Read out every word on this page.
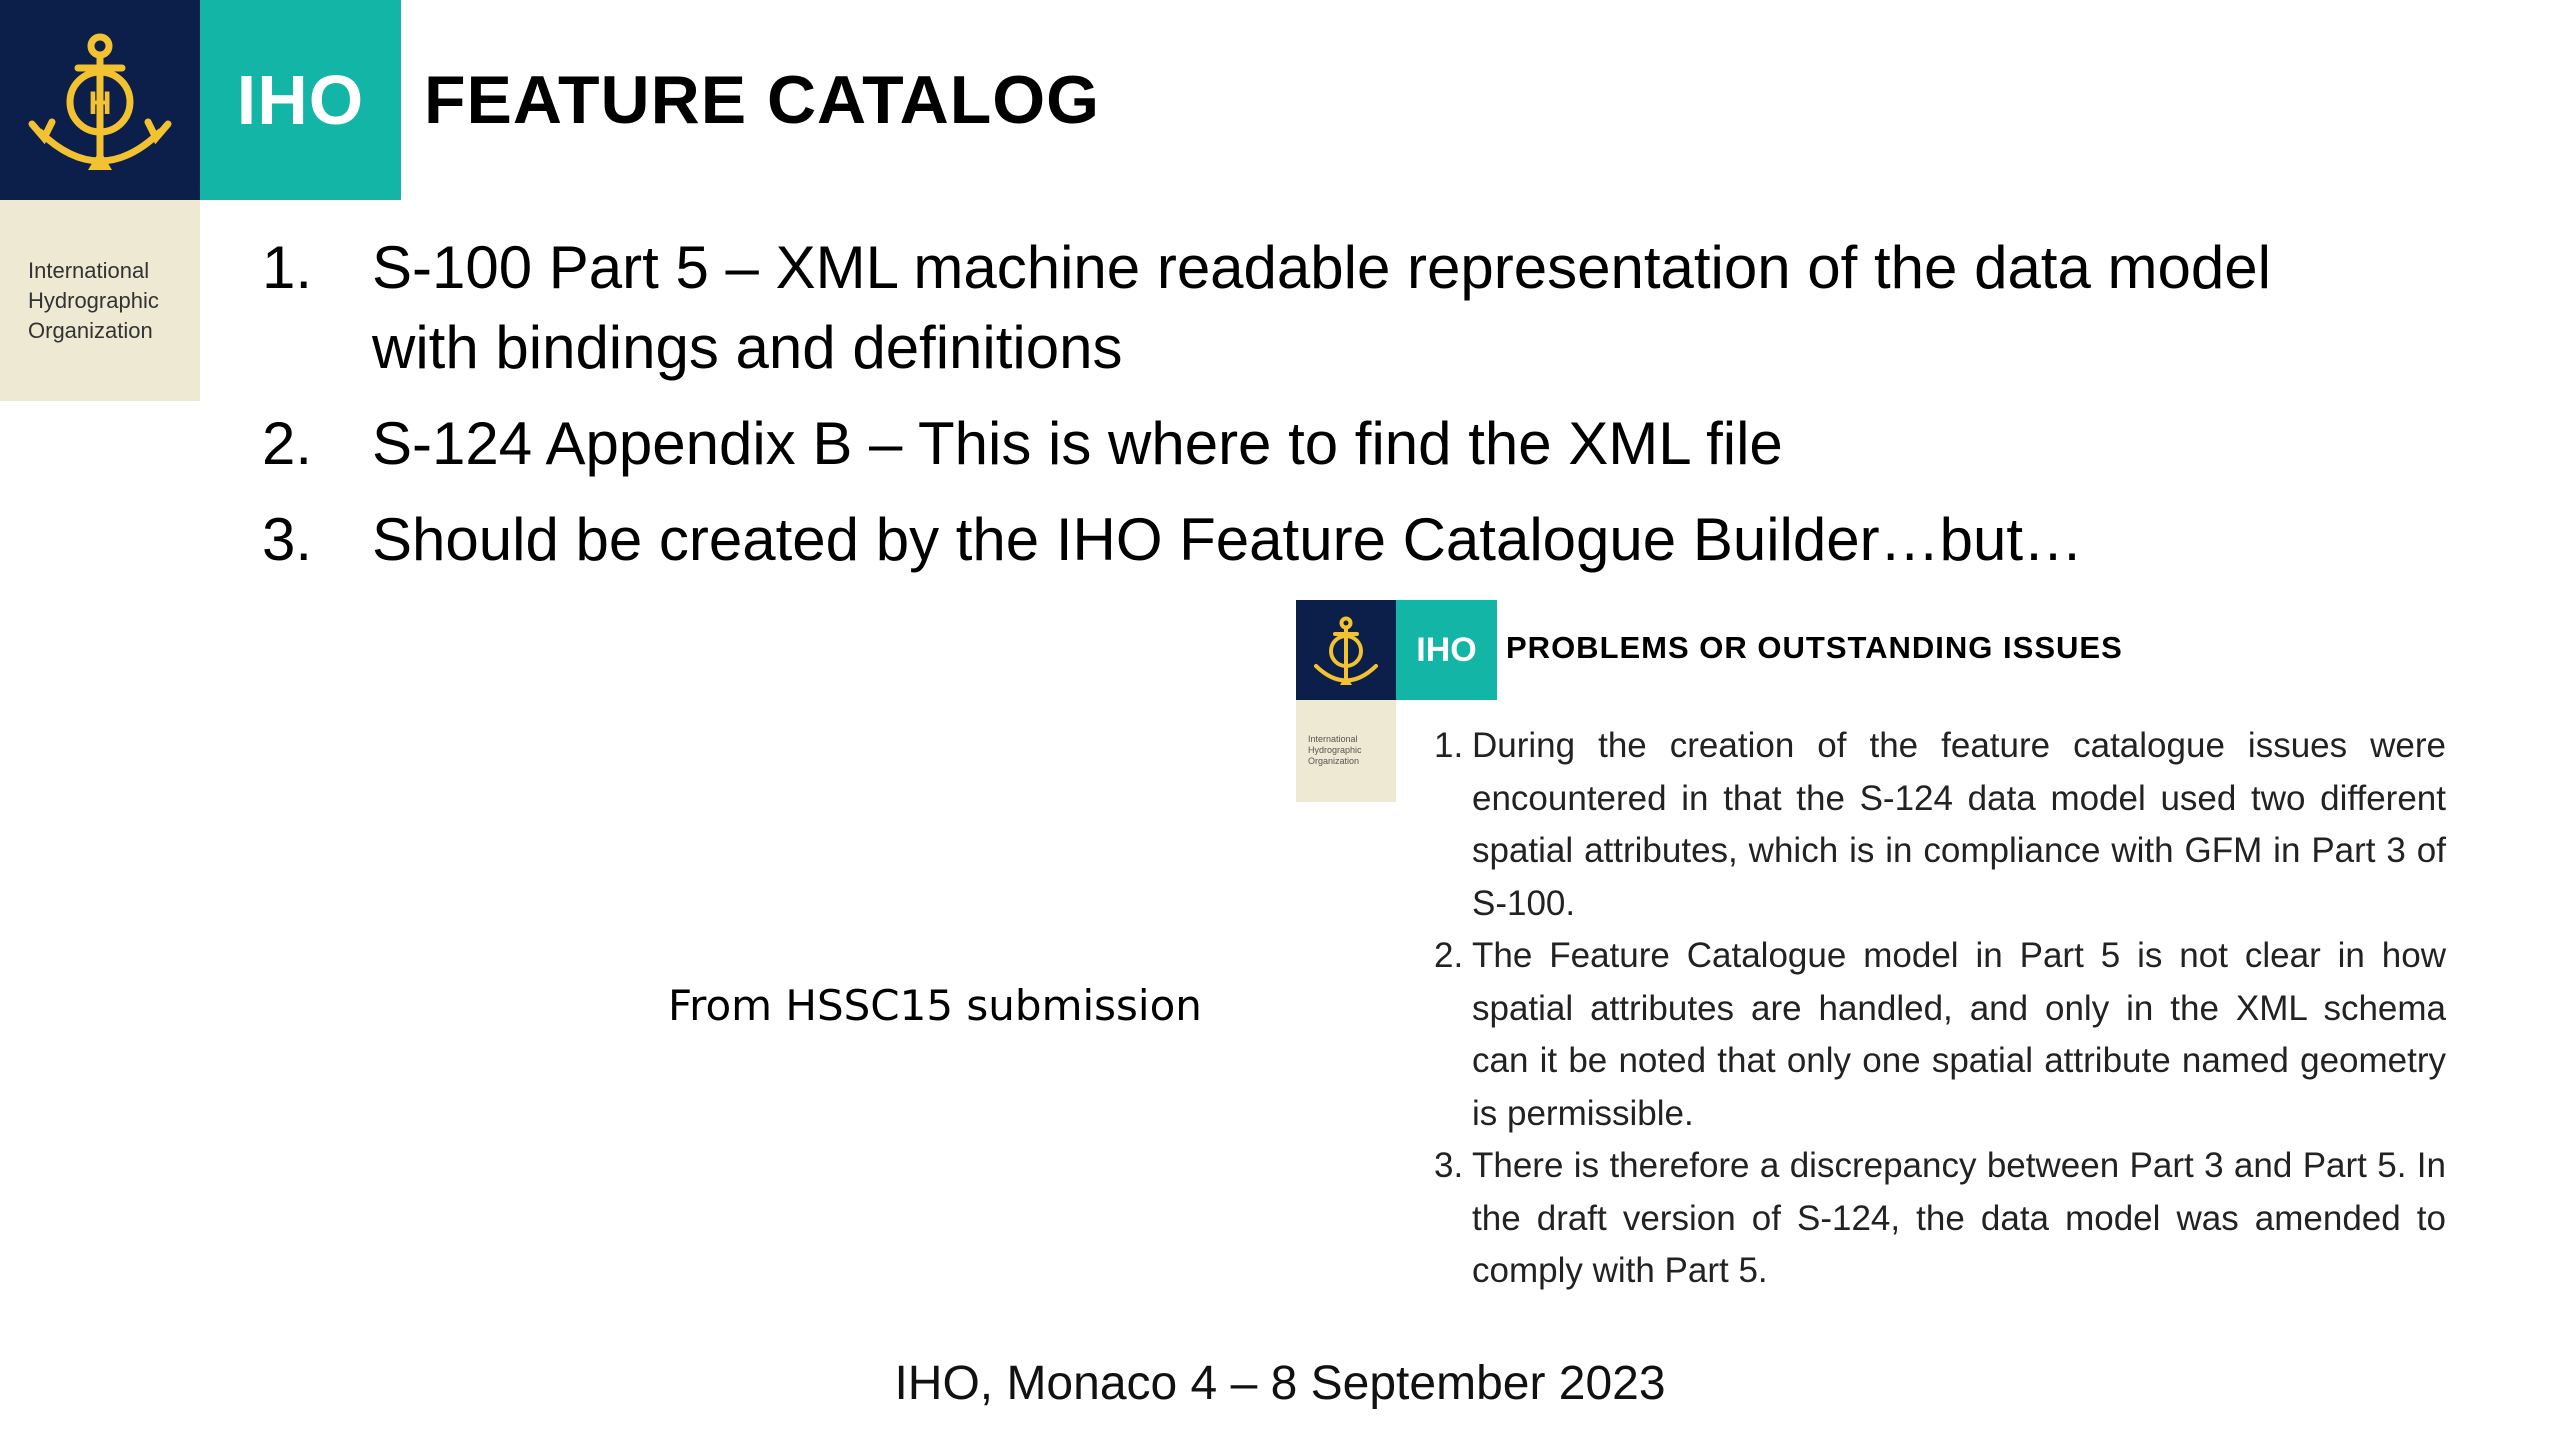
H IHO
International
Hydrographic
Organization
FEATURE CATALOG
1. S-100 Part 5 – XML machine readable representation of the data model with bindings and definitions
2. S-124 Appendix B – This is where to find the XML file
3. Should be created by the IHO Feature Catalogue Builder…but…
IHO
International
Hydrographic
Organization
PROBLEMS OR OUTSTANDING ISSUES
1. During the creation of the feature catalogue issues were encountered in that the S-124 data model used two different spatial attributes, which is in compliance with GFM in Part 3 of S-100.
2. The Feature Catalogue model in Part 5 is not clear in how spatial attributes are handled, and only in the XML schema can it be noted that only one spatial attribute named geometry is permissible.
3. There is therefore a discrepancy between Part 3 and Part 5. In the draft version of S-124, the data model was amended to comply with Part 5.
From HSSC15 submission
IHO, Monaco 4 – 8 September 2023
